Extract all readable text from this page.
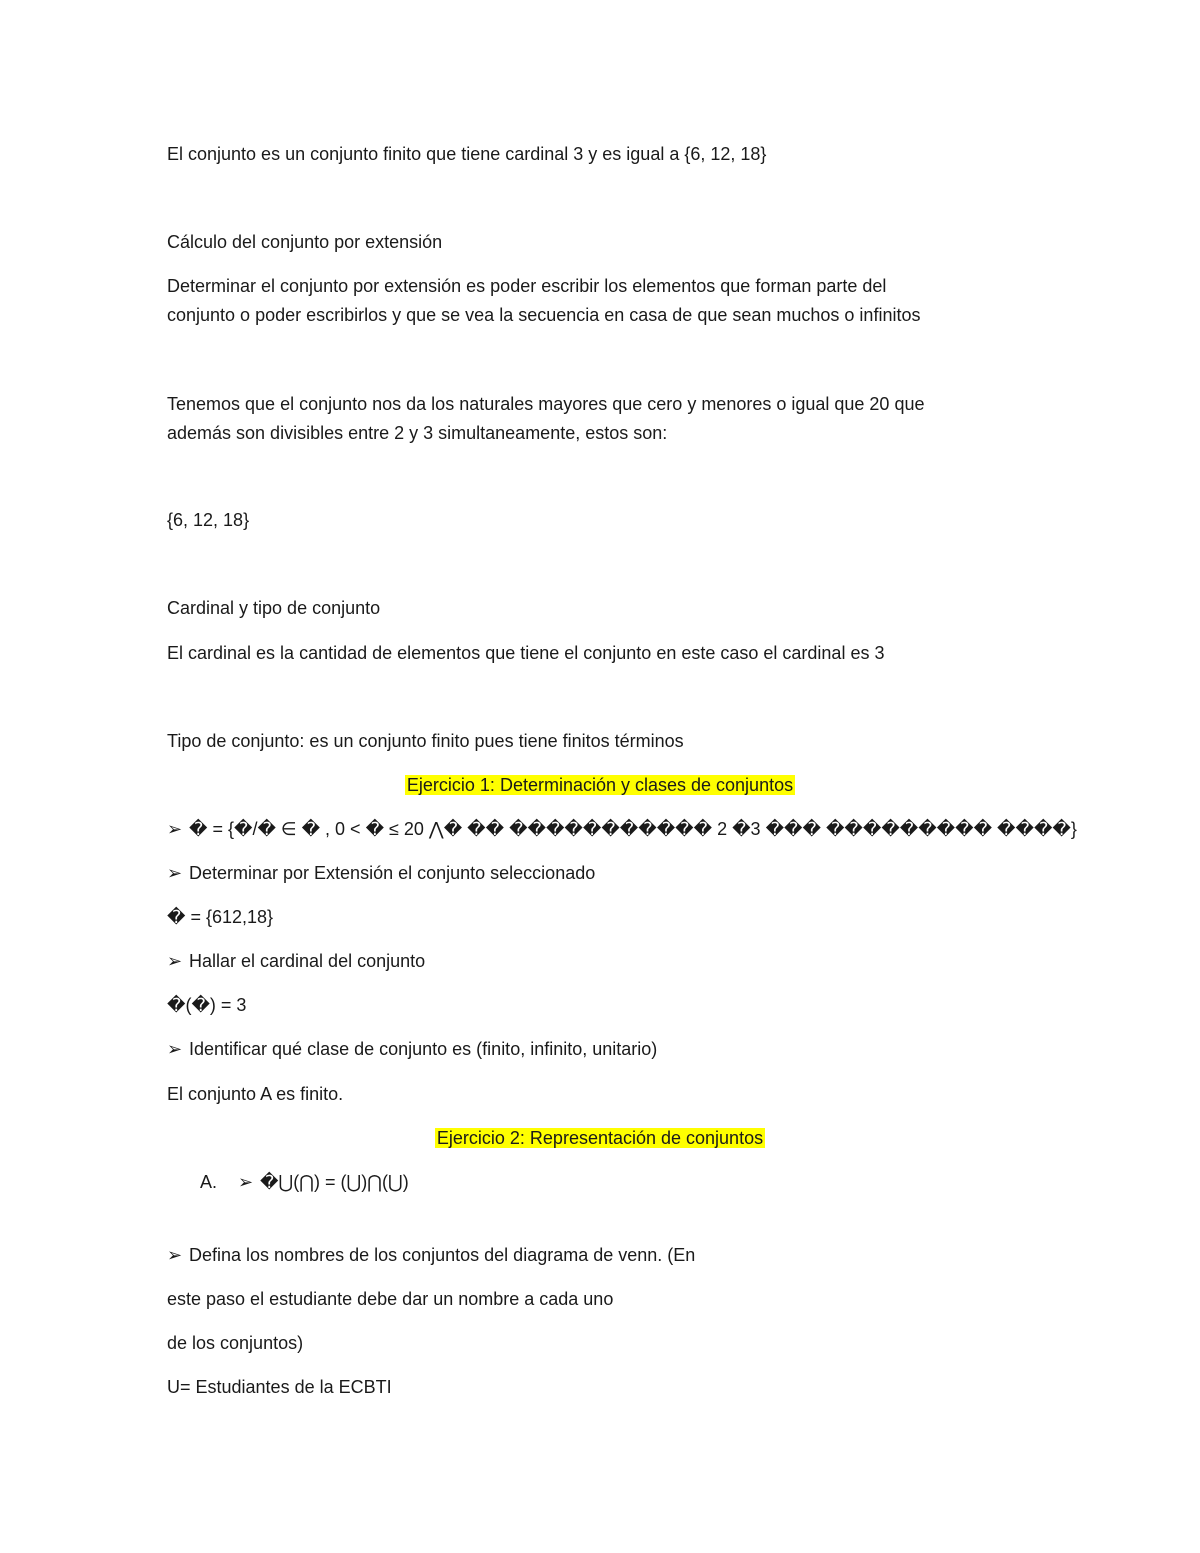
El conjunto es un conjunto finito que tiene cardinal 3 y es igual a {6, 12, 18}
Cálculo del conjunto por extensión
Determinar el conjunto por extensión es poder escribir los elementos que forman parte del
conjunto o poder escribirlos y que se vea la secuencia en casa de que sean muchos o infinitos
Tenemos que el conjunto nos da los naturales mayores que cero y menores o igual que 20 que
además son divisibles entre 2 y 3 simultaneamente, estos son:
{6, 12, 18}
Cardinal y tipo de conjunto
El cardinal es la cantidad de elementos que tiene el conjunto en este caso el cardinal es 3
Tipo de conjunto: es un conjunto finito pues tiene finitos términos
Ejercicio 1: Determinación y clases de conjuntos
➢ � = {�/� ∈ � , 0 < � ≤ 20 ⋀� �� ����������� 2 �3 ��� ��������� ����}
➢ Determinar por Extensión el conjunto seleccionado
� = {612,18}
➢ Hallar el cardinal del conjunto
�(�) = 3
➢ Identificar qué clase de conjunto es (finito, infinito, unitario)
El conjunto A es finito.
Ejercicio 2: Representación de conjuntos
A. ➢ �⋃(⋂) = (⋃)⋂(⋃)
➢ Defina los nombres de los conjuntos del diagrama de venn. (En
este paso el estudiante debe dar un nombre a cada uno
de los conjuntos)
U= Estudiantes de la ECBTI
